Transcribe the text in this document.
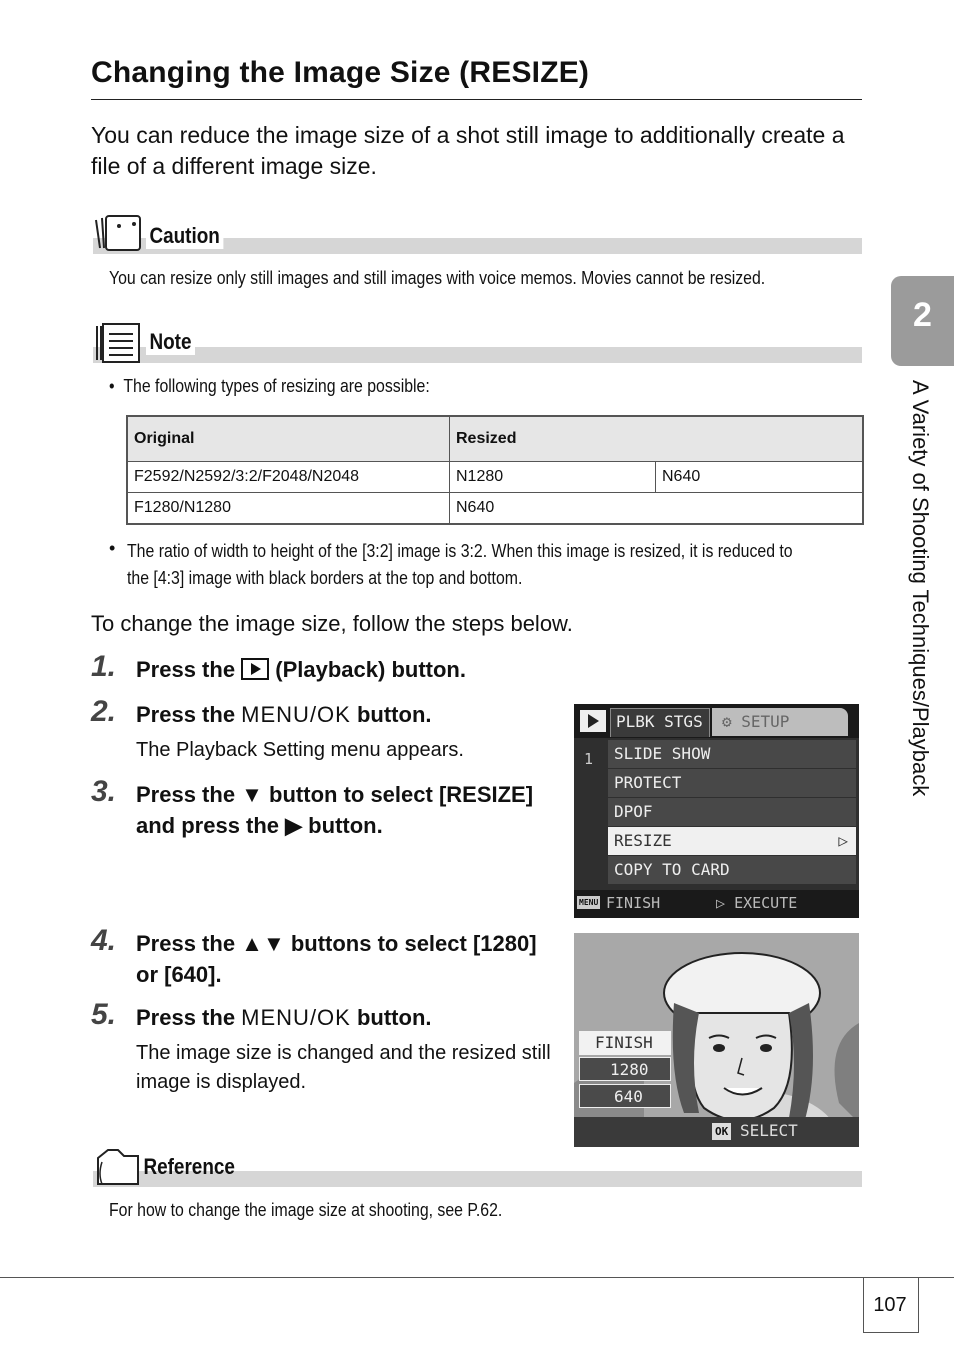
Changing the Image Size (RESIZE)
You can reduce the image size of a shot still image to additionally create a file of a different image size.
Caution
You can resize only still images and still images with voice memos. Movies cannot be resized.
Note
•  The following types of resizing are possible:
Original	Resized	
F2592/N2592/3:2/F2048/N2048	N1280	N640
F1280/N1280	N640	
• The ratio of width to height of the [3:2] image is 3:2. When this image is resized, it is reduced to the [4:3] image with black borders at the top and bottom.
To change the image size, follow the steps below.
1. Press the  (Playback) button.
2. Press the MENU/OK button.
The Playback Setting menu appears.
3. Press the ▼ button to select [RESIZE] and press the ▶ button.
4. Press the ▲▼ buttons to select [1280] or [640].
5. Press the MENU/OK button.
The image size is changed and the resized still image is displayed.
PLBK STGS ⚙ SETUP
1	SLIDE SHOW
PROTECT
DPOF
RESIZE	▷
COPY TO CARD
MENU FINISH	▷ EXECUTE
FINISH
1280
640
OK SELECT
Reference
For how to change the image size at shooting, see P.62.
2
A Variety of Shooting Techniques/Playback
107
